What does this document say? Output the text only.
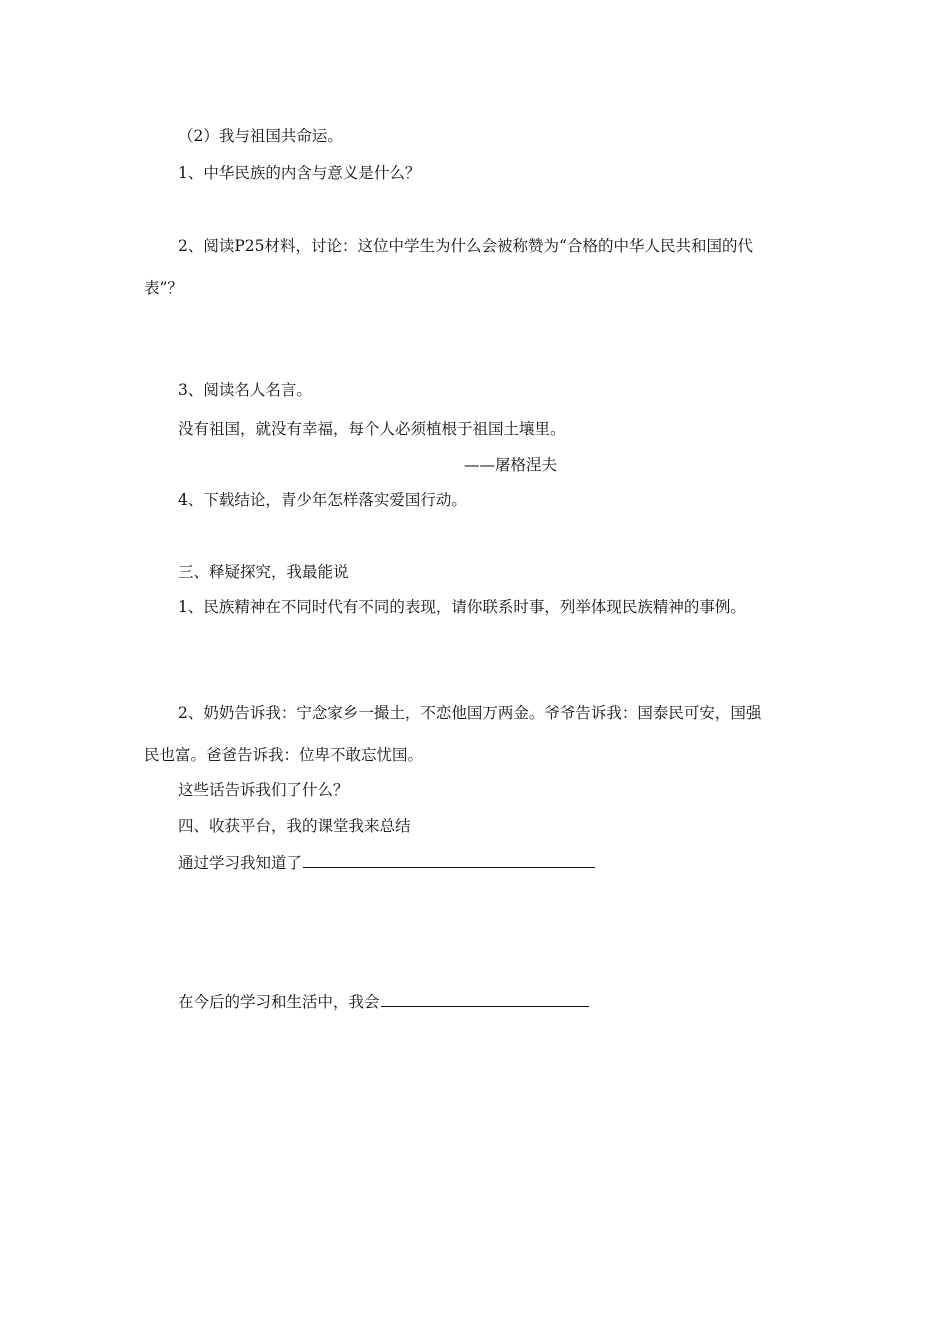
（2）我与祖国共命运。
1、中华民族的内含与意义是什么？
2、阅读P25材料，讨论：这位中学生为什么会被称赞为“合格的中华人民共和国的代
表”？
3、阅读名人名言。
没有祖国，就没有幸福，每个人必须植根于祖国土壤里。
——屠格涅夫
4、下载结论，青少年怎样落实爱国行动。
三、释疑探究，我最能说
1、民族精神在不同时代有不同的表现，请你联系时事，列举体现民族精神的事例。
2、奶奶告诉我：宁念家乡一撮土，不恋他国万两金。爷爷告诉我：国泰民可安，国强
民也富。爸爸告诉我：位卑不敢忘忧国。
这些话告诉我们了什么？
四、收获平台，我的课堂我来总结
通过学习我知道了
在今后的学习和生活中，我会
